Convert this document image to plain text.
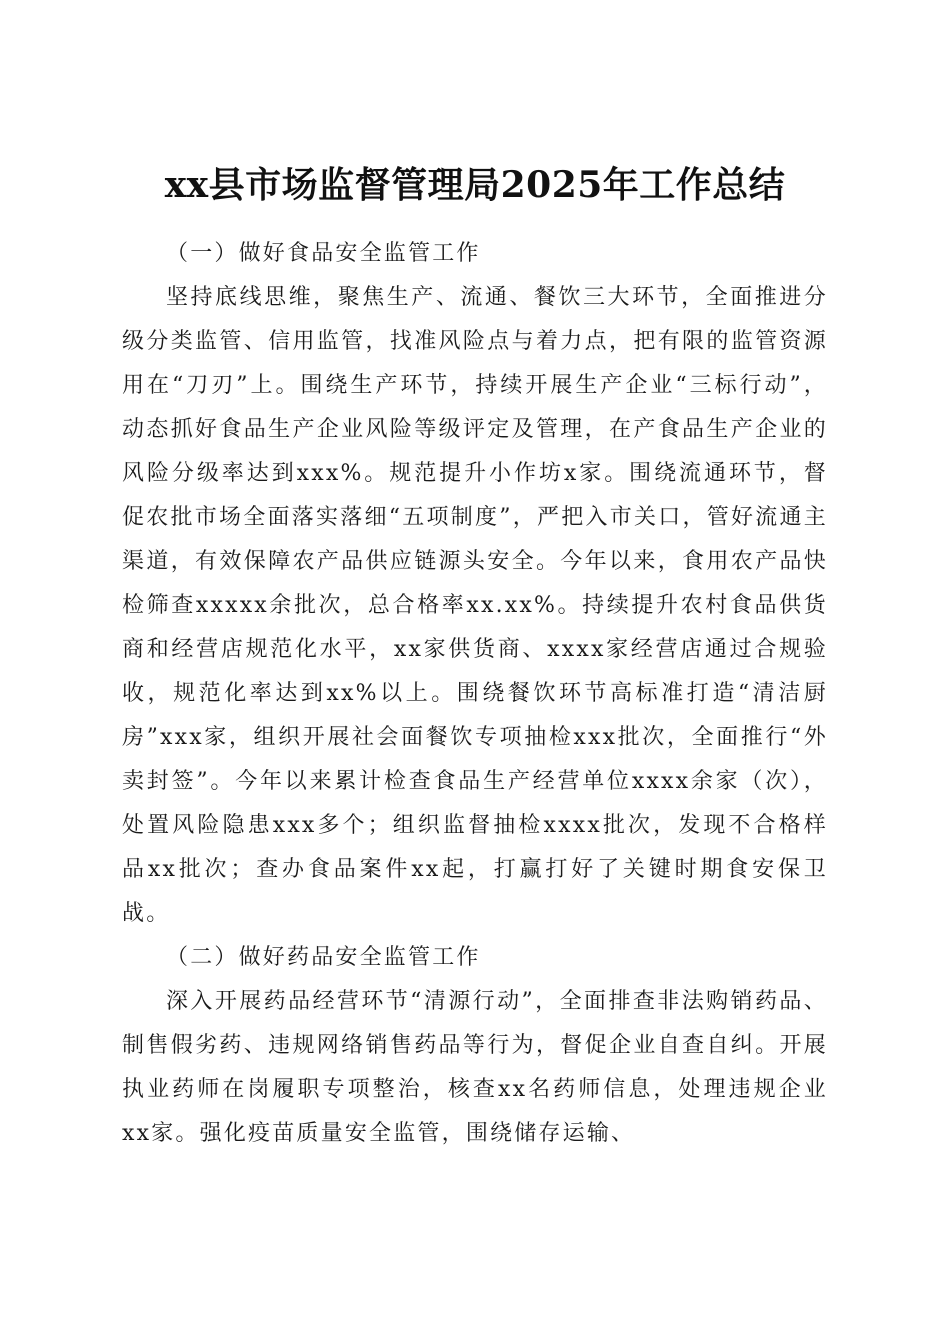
xx县市场监督管理局2025年工作总结

（一）做好食品安全监管工作

坚持底线思维，聚焦生产、流通、餐饮三大环节，全面推进分级分类监管、信用监管，找准风险点与着力点，把有限的监管资源用在“刀刃”上。围绕生产环节，持续开展生产企业“三标行动”，动态抓好食品生产企业风险等级评定及管理，在产食品生产企业的风险分级率达到xxx%。规范提升小作坊x家。围绕流通环节，督促农批市场全面落实落细“五项制度”，严把入市关口，管好流通主渠道，有效保障农产品供应链源头安全。今年以来，食用农产品快检筛查xxxxx余批次，总合格率xx.xx%。持续提升农村食品供货商和经营店规范化水平，xx家供货商、xxxx家经营店通过合规验收，规范化率达到xx%以上。围绕餐饮环节高标准打造“清洁厨房”xxx家，组织开展社会面餐饮专项抽检xxx批次，全面推行“外卖封签”。今年以来累计检查食品生产经营单位xxxx余家（次），处置风险隐患xxx多个；组织监督抽检xxxx批次，发现不合格样品xx批次；查办食品案件xx起，打赢打好了关键时期食安保卫战。

（二）做好药品安全监管工作

深入开展药品经营环节“清源行动”，全面排查非法购销药品、制售假劣药、违规网络销售药品等行为，督促企业自查自纠。开展执业药师在岗履职专项整治，核查xx名药师信息，处理违规企业xx家。强化疫苗质量安全监管，围绕储存运输、
